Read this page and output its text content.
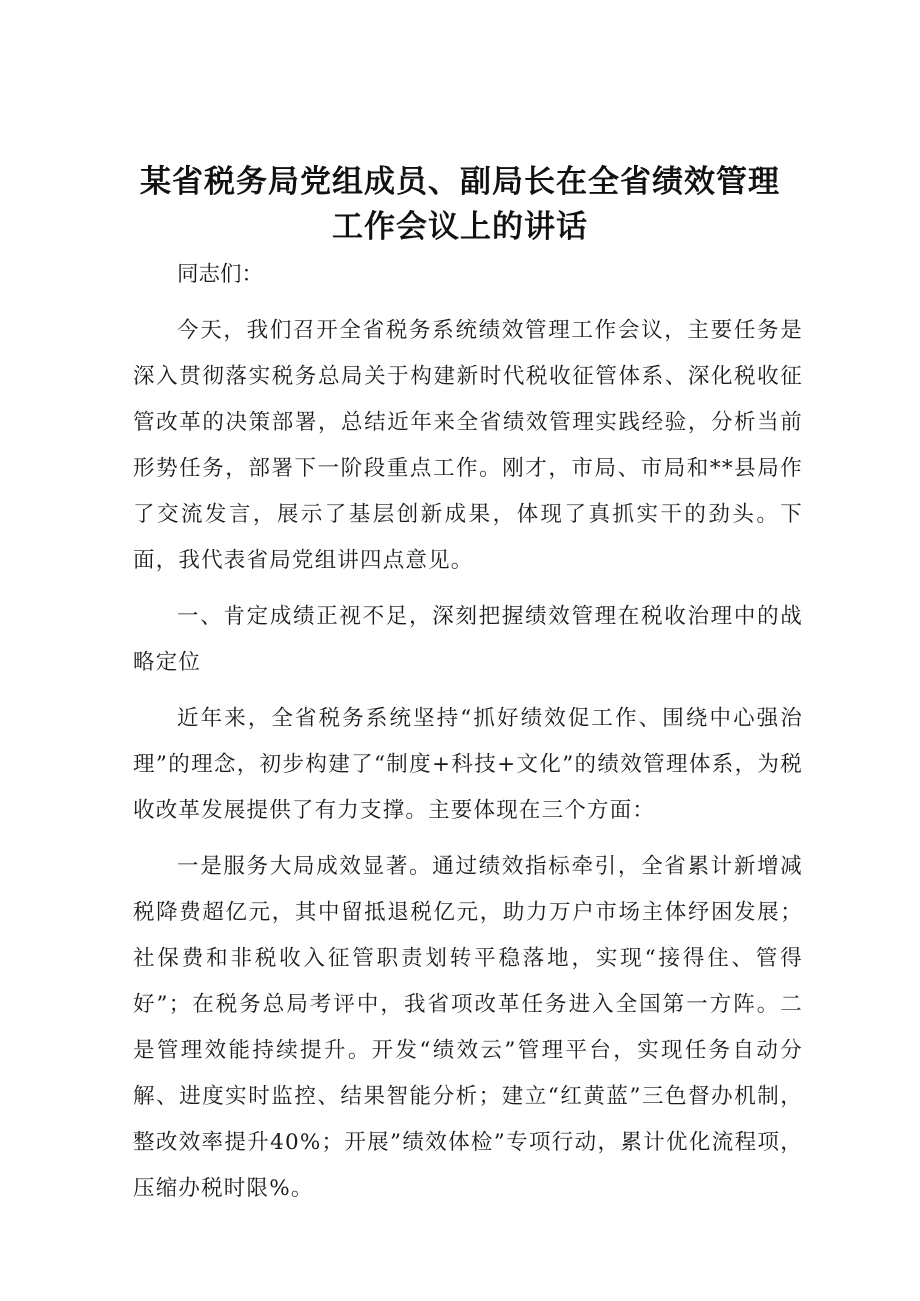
某省税务局党组成员、副局长在全省绩效管理
工作会议上的讲话

同志们：

今天，我们召开全省税务系统绩效管理工作会议，主要任务是深入贯彻落实税务总局关于构建新时代税收征管体系、深化税收征管改革的决策部署，总结近年来全省绩效管理实践经验，分析当前形势任务，部署下一阶段重点工作。刚才，市局、市局和**县局作了交流发言，展示了基层创新成果，体现了真抓实干的劲头。下面，我代表省局党组讲四点意见。

一、肯定成绩正视不足，深刻把握绩效管理在税收治理中的战略定位

近年来，全省税务系统坚持“抓好绩效促工作、围绕中心强治理”的理念，初步构建了“制度+科技+文化”的绩效管理体系，为税收改革发展提供了有力支撑。主要体现在三个方面：

一是服务大局成效显著。通过绩效指标牵引，全省累计新增减税降费超亿元，其中留抵退税亿元，助力万户市场主体纾困发展；社保费和非税收入征管职责划转平稳落地，实现“接得住、管得好”；在税务总局考评中，我省项改革任务进入全国第一方阵。二是管理效能持续提升。开发“绩效云”管理平台，实现任务自动分解、进度实时监控、结果智能分析；建立“红黄蓝”三色督办机制，整改效率提升40%；开展”绩效体检”专项行动，累计优化流程项，压缩办税时限%。
